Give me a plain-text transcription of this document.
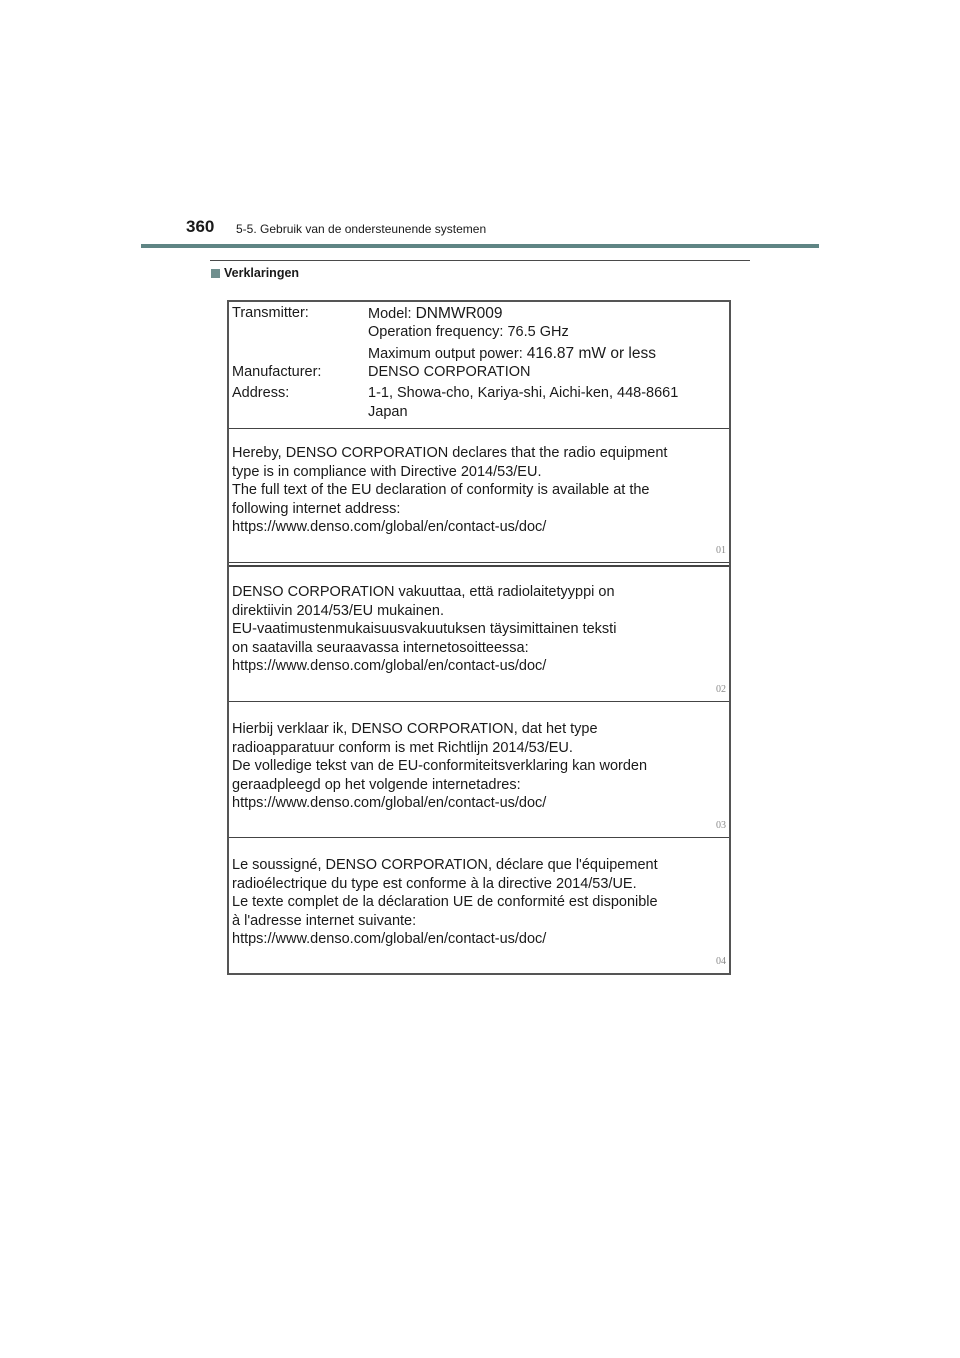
360 5-5. Gebruik van de ondersteunende systemen
Verklaringen
Transmitter:	Model: DNMWR009
Operation frequency: 76.5 GHz
Maximum output power: 416.87 mW or less
Manufacturer:	DENSO CORPORATION
Address:	1-1, Showa-cho, Kariya-shi, Aichi-ken, 448-8661
Japan
Hereby, DENSO CORPORATION declares that the radio equipment
type is in compliance with Directive 2014/53/EU.
The full text of the EU declaration of conformity is available at the
following internet address:
https://www.denso.com/global/en/contact-us/doc/
01
DENSO CORPORATION vakuuttaa, että radiolaitetyyppi on
direktiivin 2014/53/EU mukainen.
EU-vaatimustenmukaisuusvakuutuksen täysimittainen teksti
on saatavilla seuraavassa internetosoitteessa:
https://www.denso.com/global/en/contact-us/doc/
02
Hierbij verklaar ik, DENSO CORPORATION, dat het type
radioapparatuur conform is met Richtlijn 2014/53/EU.
De volledige tekst van de EU-conformiteitsverklaring kan worden
geraadpleegd op het volgende internetadres:
https://www.denso.com/global/en/contact-us/doc/
03
Le soussigné, DENSO CORPORATION, déclare que l'équipement
radioélectrique du type est conforme à la directive 2014/53/UE.
Le texte complet de la déclaration UE de conformité est disponible
à l'adresse internet suivante:
https://www.denso.com/global/en/contact-us/doc/
04
